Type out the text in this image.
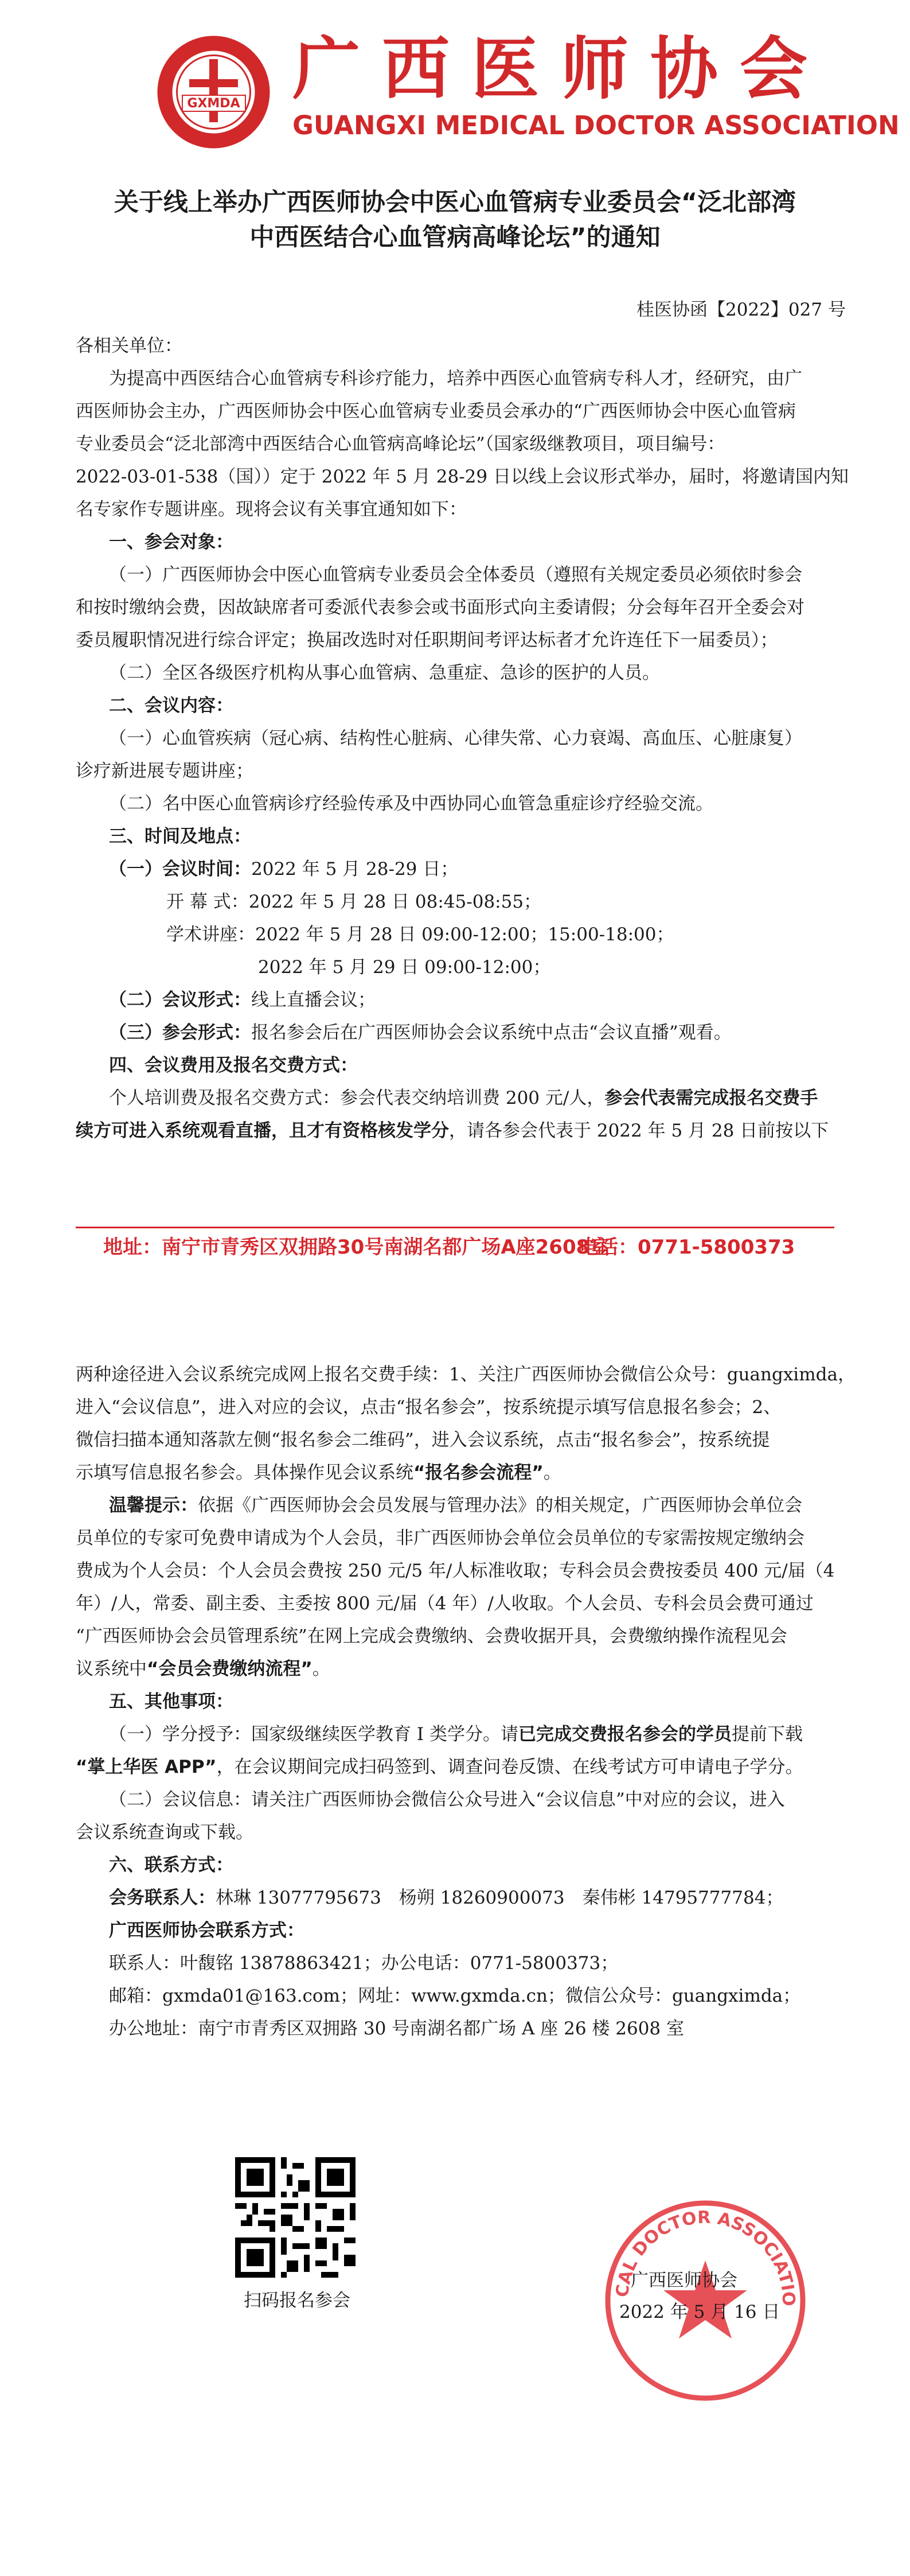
GXMDA 广西医师协会
GUANGXI MEDICAL DOCTOR ASSOCIATION
关于线上举办广西医师协会中医心血管病专业委员会“泛北部湾
中西医结合心血管病高峰论坛”的通知
桂医协函【2022】027 号
各相关单位：
为提高中西医结合心血管病专科诊疗能力，培养中西医心血管病专科人才，经研究，由广
西医师协会主办，广西医师协会中医心血管病专业委员会承办的“广西医师协会中医心血管病
专业委员会“泛北部湾中西医结合心血管病高峰论坛”（国家级继教项目，项目编号：
2022-03-01-538（国））定于 2022 年 5 月 28-29 日以线上会议形式举办，届时，将邀请国内知
名专家作专题讲座。现将会议有关事宜通知如下：
一、参会对象：
（一）广西医师协会中医心血管病专业委员会全体委员（遵照有关规定委员必须依时参会
和按时缴纳会费，因故缺席者可委派代表参会或书面形式向主委请假；分会每年召开全委会对
委员履职情况进行综合评定；换届改选时对任职期间考评达标者才允许连任下一届委员）；
（二）全区各级医疗机构从事心血管病、急重症、急诊的医护的人员。
二、会议内容：
（一）心血管疾病（冠心病、结构性心脏病、心律失常、心力衰竭、高血压、心脏康复）
诊疗新进展专题讲座；
（二）名中医心血管病诊疗经验传承及中西协同心血管急重症诊疗经验交流。
三、时间及地点：
（一）会议时间：2022 年 5 月 28-29 日；
开 幕 式：2022 年 5 月 28 日 08:45-08:55；
学术讲座：2022 年 5 月 28 日 09:00-12:00；15:00-18:00；
2022 年 5 月 29 日 09:00-12:00；
（二）会议形式：线上直播会议；
（三）参会形式：报名参会后在广西医师协会会议系统中点击“会议直播”观看。
四、会议费用及报名交费方式：
个人培训费及报名交费方式：参会代表交纳培训费 200 元/人，参会代表需完成报名交费手
续方可进入系统观看直播，且才有资格核发学分，请各参会代表于 2022 年 5 月 28 日前按以下
地址：南宁市青秀区双拥路30号南湖名都广场A座2608室
电话：0771-5800373
两种途径进入会议系统完成网上报名交费手续：1、关注广西医师协会微信公众号：guangximda，
进入“会议信息”，进入对应的会议，点击“报名参会”，按系统提示填写信息报名参会；2、
微信扫描本通知落款左侧“报名参会二维码”，进入会议系统，点击“报名参会”，按系统提
示填写信息报名参会。具体操作见会议系统“报名参会流程”。
温馨提示：依据《广西医师协会会员发展与管理办法》的相关规定，广西医师协会单位会
员单位的专家可免费申请成为个人会员，非广西医师协会单位会员单位的专家需按规定缴纳会
费成为个人会员：个人会员会费按 250 元/5 年/人标准收取；专科会员会费按委员 400 元/届（4
年）/人，常委、副主委、主委按 800 元/届（4 年）/人收取。个人会员、专科会员会费可通过
“广西医师协会会员管理系统”在网上完成会费缴纳、会费收据开具，会费缴纳操作流程见会
议系统中“会员会费缴纳流程”。
五、其他事项：
（一）学分授予：国家级继续医学教育 I 类学分。请已完成交费报名参会的学员提前下载
“掌上华医 APP”，在会议期间完成扫码签到、调查问卷反馈、在线考试方可申请电子学分。
（二）会议信息：请关注广西医师协会微信公众号进入“会议信息”中对应的会议，进入
会议系统查询或下载。
六、联系方式：
会务联系人：林琳 13077795673　杨朔 18260900073　秦伟彬 14795777784；
广西医师协会联系方式：
联系人：叶馥铭 13878863421；办公电话：0771-5800373；
邮箱：gxmda01@163.com；网址：www.gxmda.cn；微信公众号：guangximda；
办公地址：南宁市青秀区双拥路 30 号南湖名都广场 A 座 26 楼 2608 室
扫码报名参会	CAL DOCTOR ASSOCIATIO
广西医师协会
2022 年 5 月 16 日
